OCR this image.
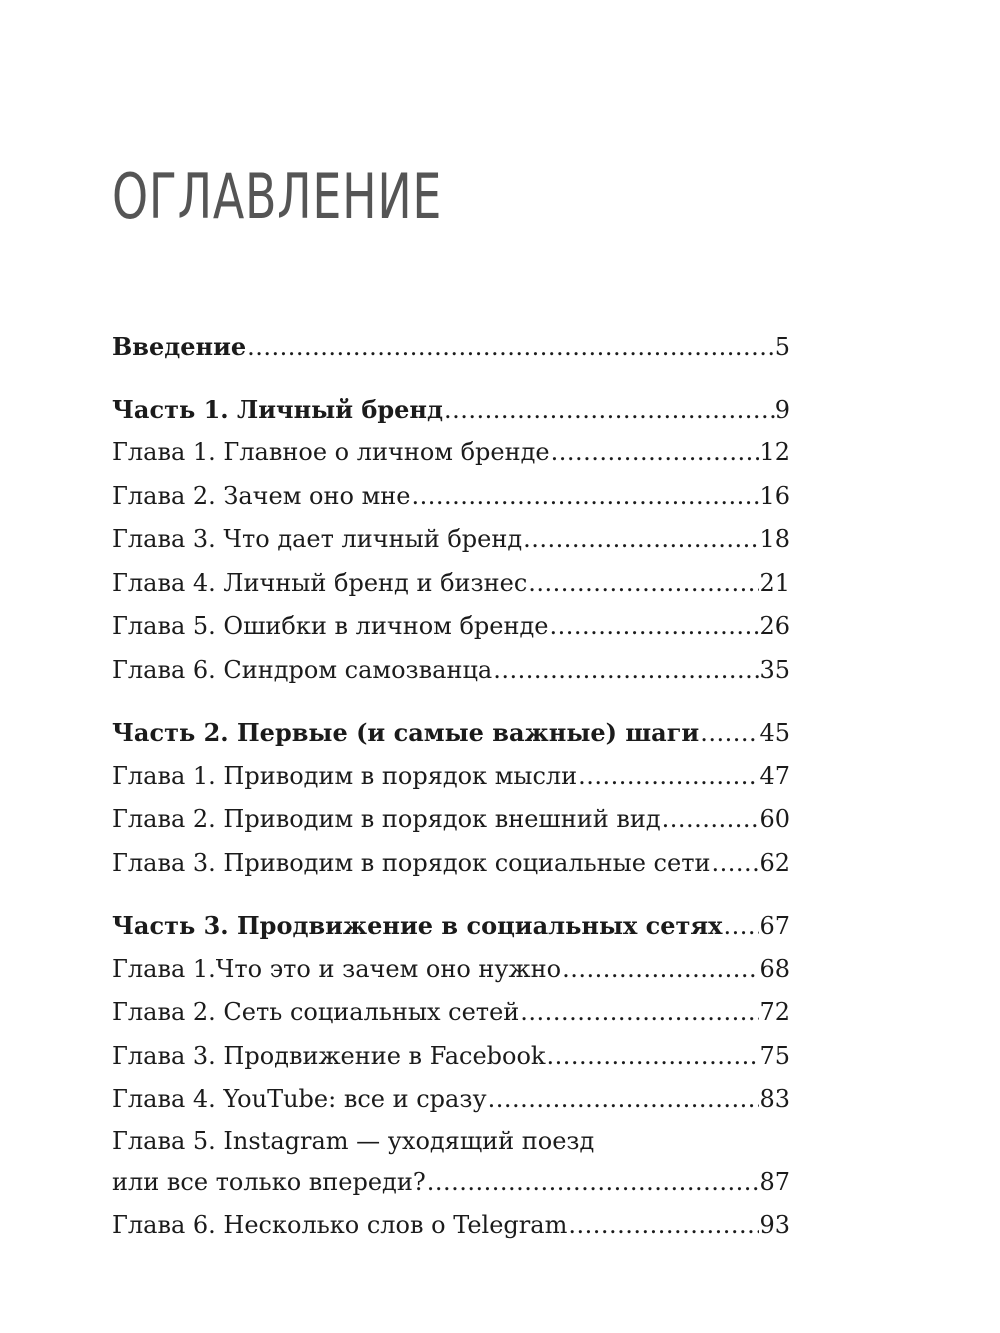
ОГЛАВЛЕНИЕ
Введение .....	5
Часть 1. Личный бренд .....	9
Глава 1. Главное о личном бренде .....	12
Глава 2. Зачем оно мне .....	16
Глава 3. Что дает личный бренд .....	18
Глава 4. Личный бренд и бизнес .....	21
Глава 5. Ошибки в личном бренде .....	26
Глава 6. Синдром самозванца .....	35
Часть 2. Первые (и самые важные) шаги .....	45
Глава 1. Приводим в порядок мысли .....	47
Глава 2. Приводим в порядок внешний вид .....	60
Глава 3. Приводим в порядок социальные сети ..... 62
Часть 3. Продвижение в социальных сетях ..... 67
Глава 1.Что это и зачем оно нужно .....	68
Глава 2. Сеть социальных сетей .....	72
Глава 3. Продвижение в Facebook .....	75
Глава 4. YouTube: все и сразу .....	83
Глава 5. Instagram — уходящий поезд
или все только впереди? .....	87
Глава 6. Несколько слов о Telegram .....	93
